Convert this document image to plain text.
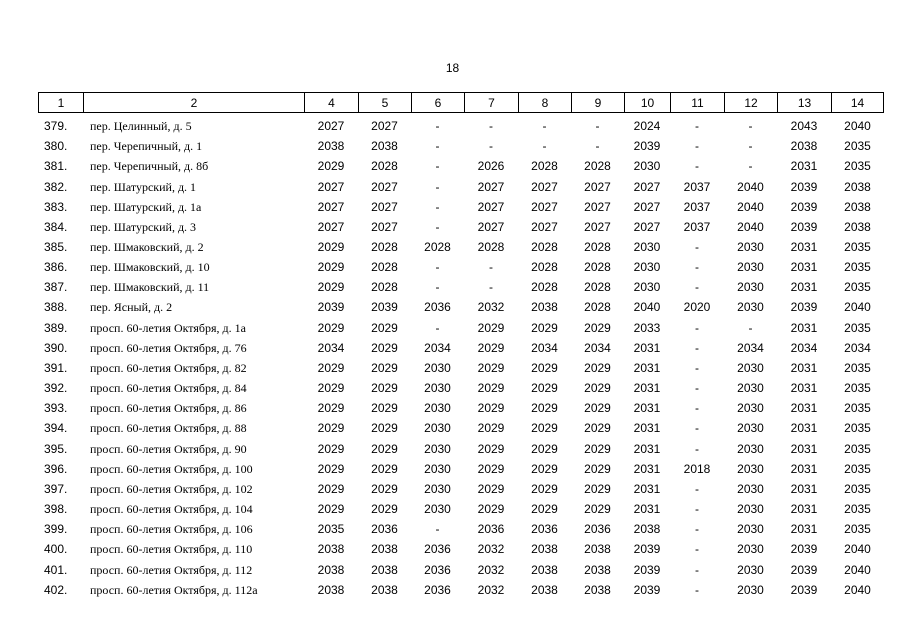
18
1	2	4	5	6	7	8	9	10	11	12	13	14
379.	пер. Целинный, д. 5	2027	2027	-	-	-	-	2024	-	-	2043	2040
380.	пер. Черепичный, д. 1	2038	2038	-	-	-	-	2039	-	-	2038	2035
381.	пер. Черепичный, д. 8б	2029	2028	-	2026	2028	2028	2030	-	-	2031	2035
382.	пер. Шатурский, д. 1	2027	2027	-	2027	2027	2027	2027	2037	2040	2039	2038
383.	пер. Шатурский, д. 1а	2027	2027	-	2027	2027	2027	2027	2037	2040	2039	2038
384.	пер. Шатурский, д. 3	2027	2027	-	2027	2027	2027	2027	2037	2040	2039	2038
385.	пер. Шмаковский, д. 2	2029	2028	2028	2028	2028	2028	2030	-	2030	2031	2035
386.	пер. Шмаковский, д. 10	2029	2028	-	-	2028	2028	2030	-	2030	2031	2035
387.	пер. Шмаковский, д. 11	2029	2028	-	-	2028	2028	2030	-	2030	2031	2035
388.	пер. Ясный, д. 2	2039	2039	2036	2032	2038	2028	2040	2020	2030	2039	2040
389.	просп. 60-летия Октября, д. 1а	2029	2029	-	2029	2029	2029	2033	-	-	2031	2035
390.	просп. 60-летия Октября, д. 76	2034	2029	2034	2029	2034	2034	2031	-	2034	2034	2034
391.	просп. 60-летия Октября, д. 82	2029	2029	2030	2029	2029	2029	2031	-	2030	2031	2035
392.	просп. 60-летия Октября, д. 84	2029	2029	2030	2029	2029	2029	2031	-	2030	2031	2035
393.	просп. 60-летия Октября, д. 86	2029	2029	2030	2029	2029	2029	2031	-	2030	2031	2035
394.	просп. 60-летия Октября, д. 88	2029	2029	2030	2029	2029	2029	2031	-	2030	2031	2035
395.	просп. 60-летия Октября, д. 90	2029	2029	2030	2029	2029	2029	2031	-	2030	2031	2035
396.	просп. 60-летия Октября, д. 100	2029	2029	2030	2029	2029	2029	2031	2018	2030	2031	2035
397.	просп. 60-летия Октября, д. 102	2029	2029	2030	2029	2029	2029	2031	-	2030	2031	2035
398.	просп. 60-летия Октября, д. 104	2029	2029	2030	2029	2029	2029	2031	-	2030	2031	2035
399.	просп. 60-летия Октября, д. 106	2035	2036	-	2036	2036	2036	2038	-	2030	2031	2035
400.	просп. 60-летия Октября, д. 110	2038	2038	2036	2032	2038	2038	2039	-	2030	2039	2040
401.	просп. 60-летия Октября, д. 112	2038	2038	2036	2032	2038	2038	2039	-	2030	2039	2040
402.	просп. 60-летия Октября, д. 112а	2038	2038	2036	2032	2038	2038	2039	-	2030	2039	2040
